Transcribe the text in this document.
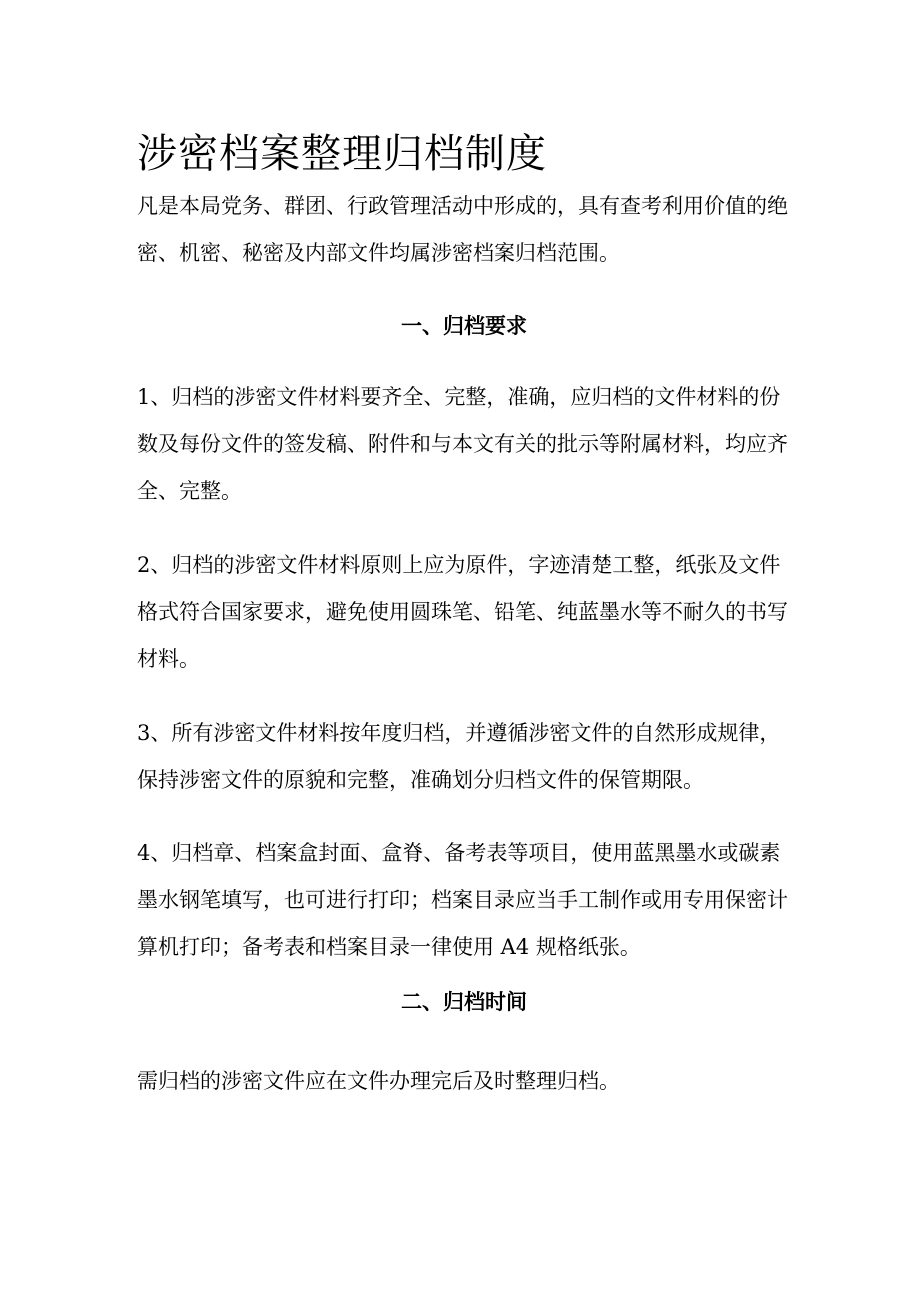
涉密档案整理归档制度
凡是本局党务、群团、行政管理活动中形成的，具有查考利用价值的绝密、机密、秘密及内部文件均属涉密档案归档范围。
一、归档要求
1、归档的涉密文件材料要齐全、完整，准确，应归档的文件材料的份数及每份文件的签发稿、附件和与本文有关的批示等附属材料，均应齐全、完整。
2、归档的涉密文件材料原则上应为原件，字迹清楚工整，纸张及文件格式符合国家要求，避免使用圆珠笔、铅笔、纯蓝墨水等不耐久的书写材料。
3、所有涉密文件材料按年度归档，并遵循涉密文件的自然形成规律，保持涉密文件的原貌和完整，准确划分归档文件的保管期限。
4、归档章、档案盒封面、盒脊、备考表等项目，使用蓝黑墨水或碳素墨水钢笔填写，也可进行打印；档案目录应当手工制作或用专用保密计算机打印；备考表和档案目录一律使用 A4 规格纸张。
二、归档时间
需归档的涉密文件应在文件办理完后及时整理归档。
